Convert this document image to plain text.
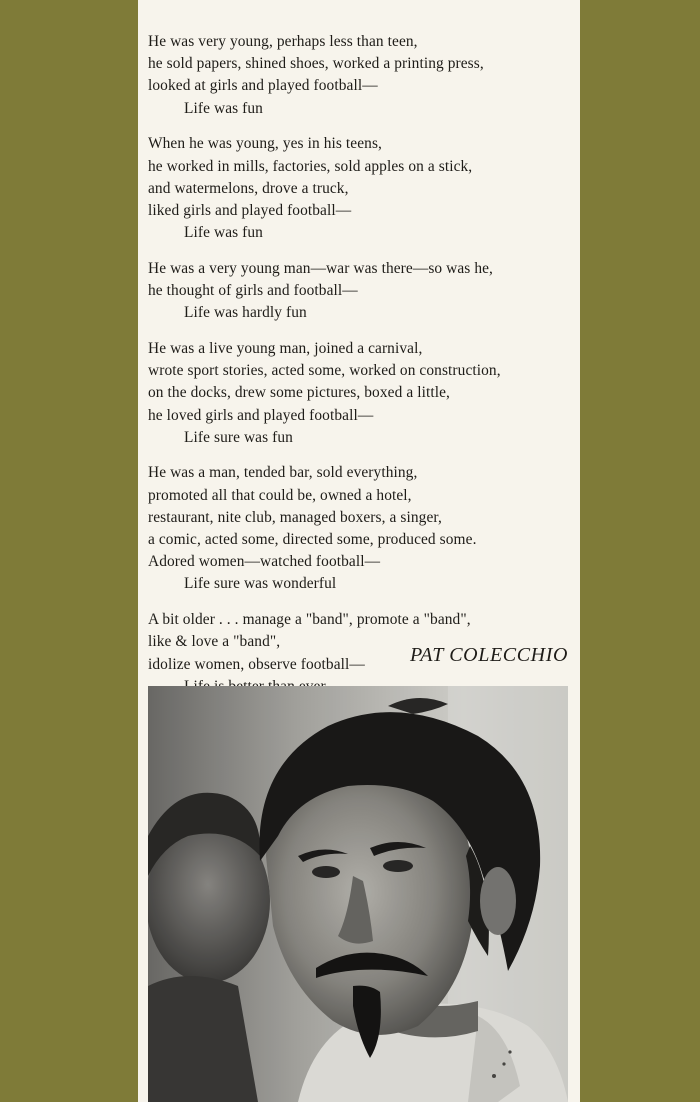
He was very young, perhaps less than teen,
he sold papers, shined shoes, worked a printing press,
looked at girls and played football—
Life was fun
When he was young, yes in his teens,
he worked in mills, factories, sold apples on a stick,
and watermelons, drove a truck,
liked girls and played football—
Life was fun
He was a very young man—war was there—so was he,
he thought of girls and football—
Life was hardly fun
He was a live young man, joined a carnival,
wrote sport stories, acted some, worked on construction,
on the docks, drew some pictures, boxed a little,
he loved girls and played football—
Life sure was fun
He was a man, tended bar, sold everything,
promoted all that could be, owned a hotel,
restaurant, nite club, managed boxers, a singer,
a comic, acted some, directed some, produced some.
Adored women—watched football—
Life sure was wonderful
A bit older . . . manage a "band", promote a "band",
like & love a "band",
idolize women, observe football—	PAT COLECCHIO
